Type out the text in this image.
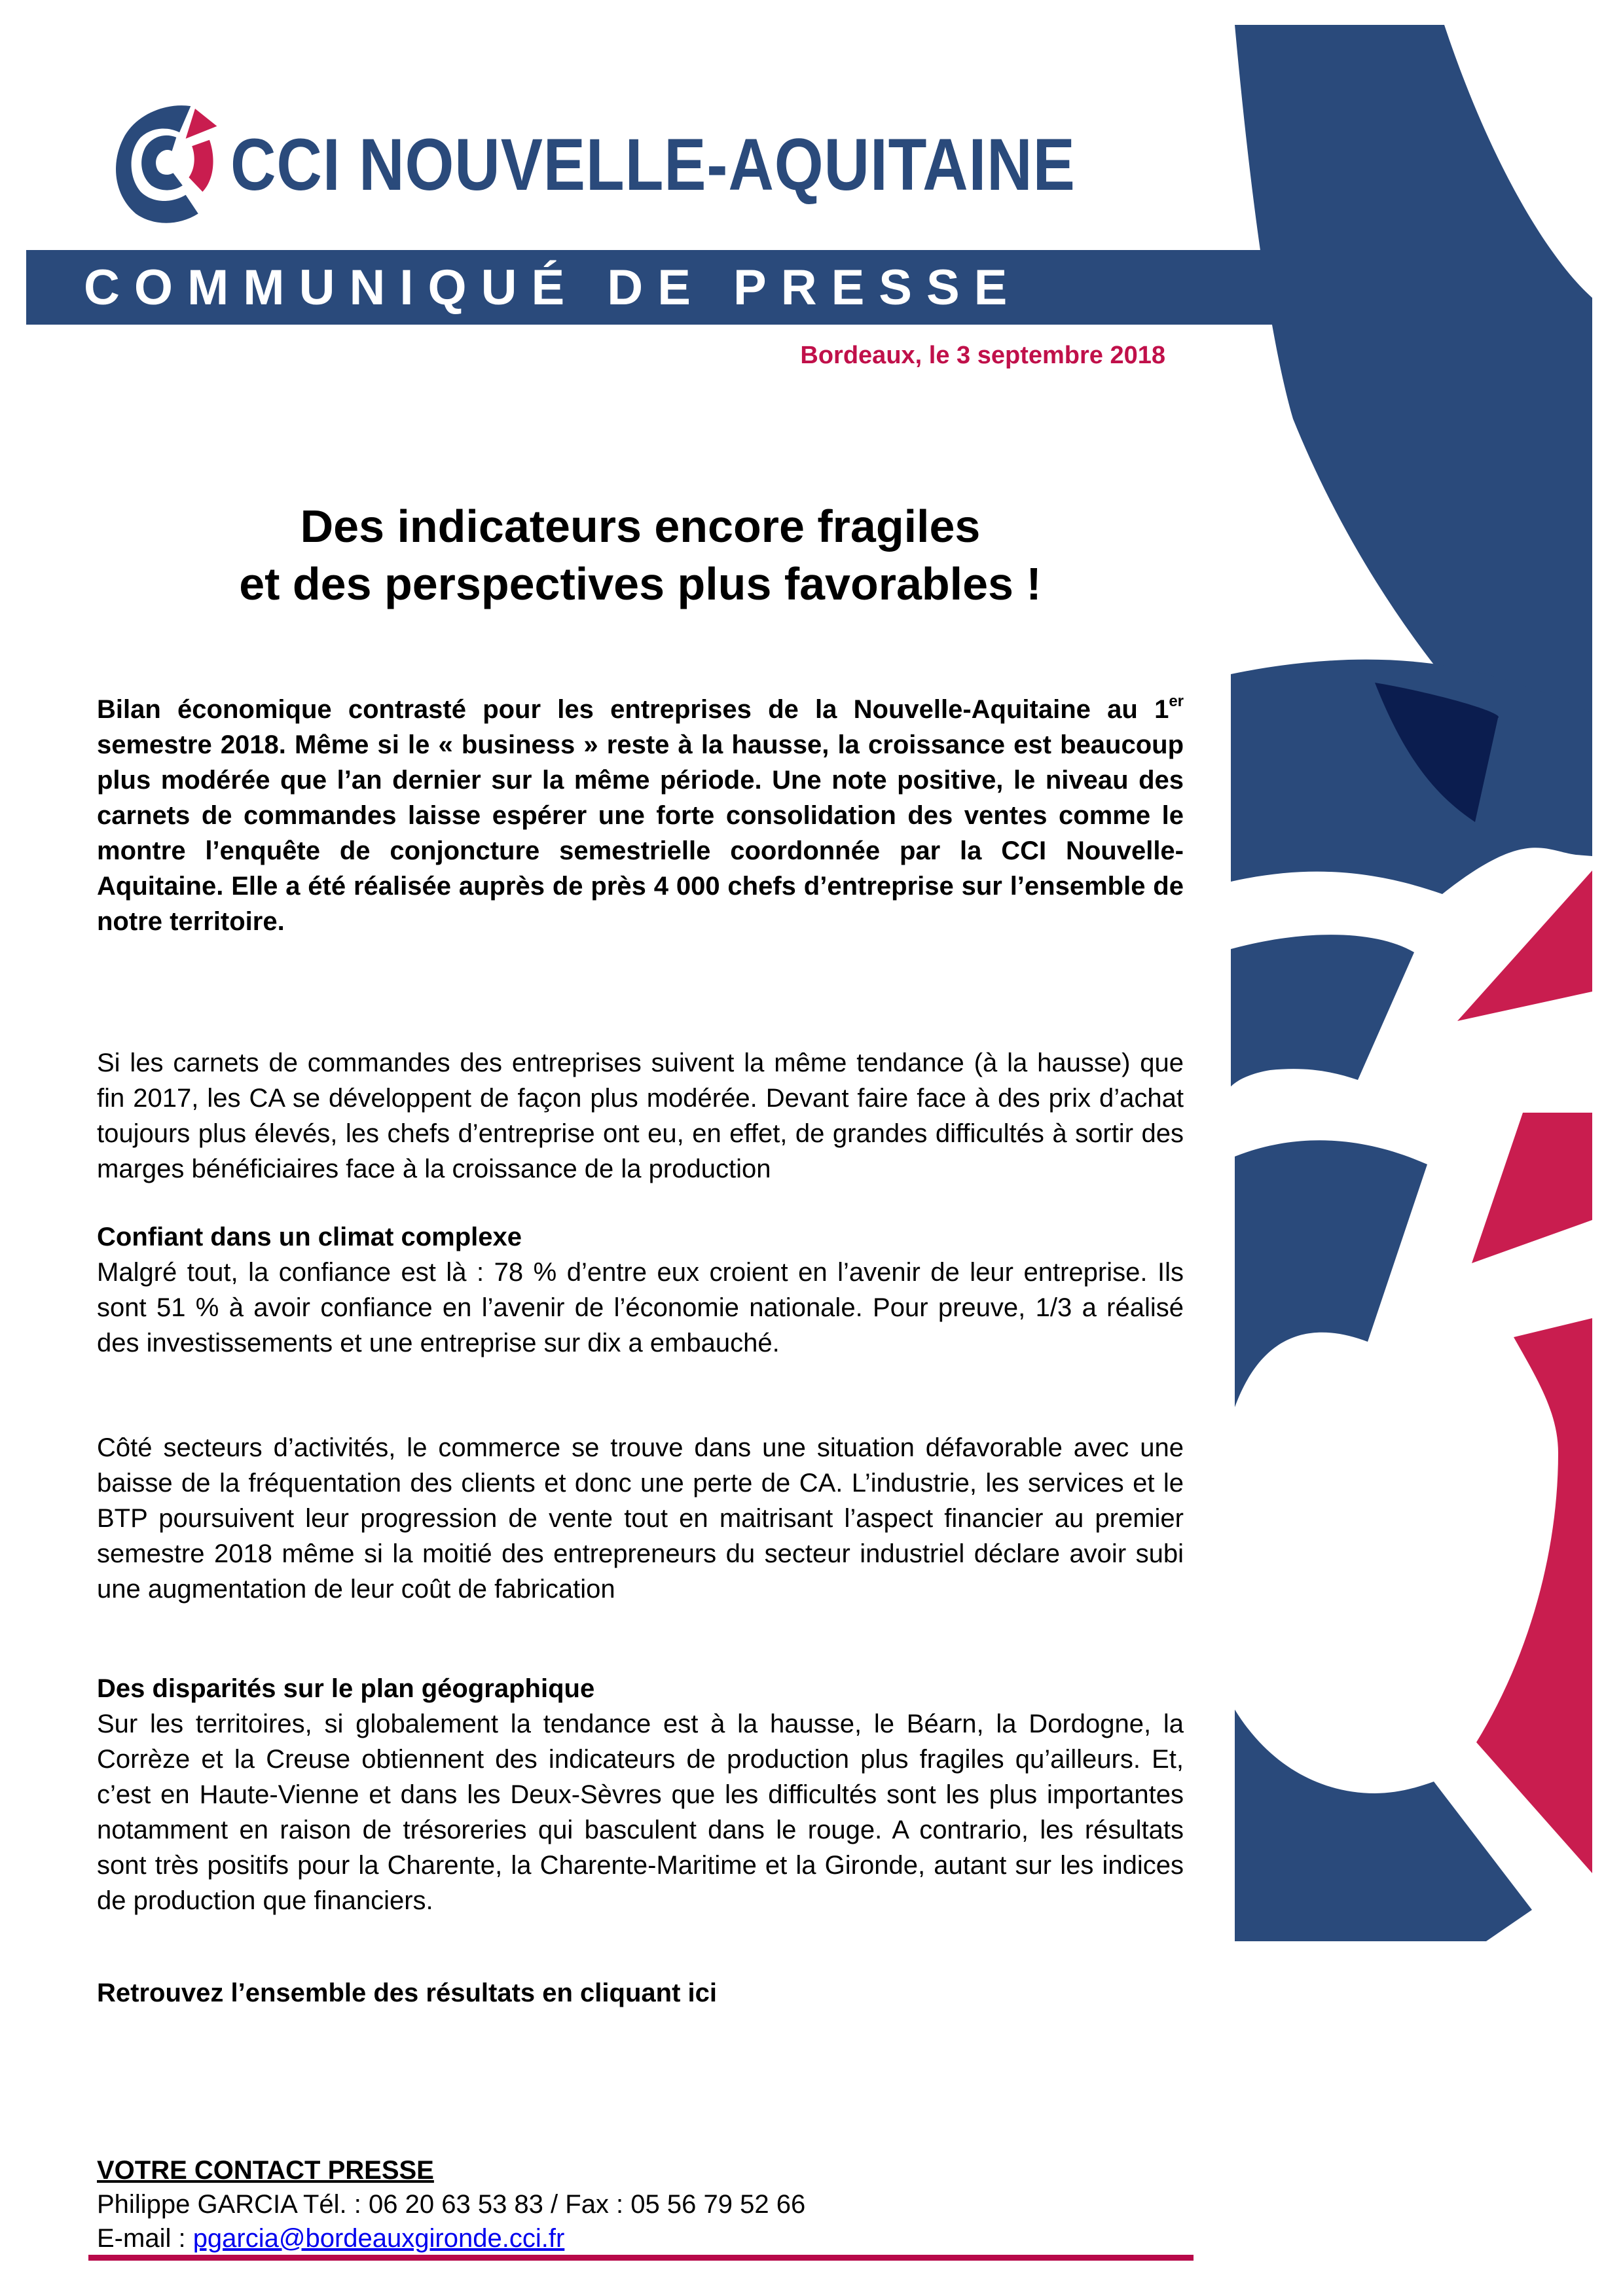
CCI NOUVELLE-AQUITAINE
COMMUNIQUÉ DE PRESSE
Bordeaux, le 3 septembre 2018
Des indicateurs encore fragiles
et des perspectives plus favorables !

Bilan économique contrasté pour les entreprises de la Nouvelle-Aquitaine au 1er semestre 2018. Même si le « business » reste à la hausse, la croissance est beaucoup plus modérée que l’an dernier sur la même période. Une note positive, le niveau des carnets de commandes laisse espérer une forte consolidation des ventes comme le montre l’enquête de conjoncture semestrielle coordonnée par la CCI Nouvelle-Aquitaine. Elle a été réalisée auprès de près 4 000 chefs d’entreprise sur l’ensemble de notre territoire.

Si les carnets de commandes des entreprises suivent la même tendance (à la hausse) que fin 2017, les CA se développent de façon plus modérée. Devant faire face à des prix d’achat toujours plus élevés, les chefs d’entreprise ont eu, en effet, de grandes difficultés à sortir des marges bénéficiaires face à la croissance de la production

Confiant dans un climat complexe

Malgré tout, la confiance est là : 78 % d’entre eux croient en l’avenir de leur entreprise. Ils sont 51 % à avoir confiance en l’avenir de l’économie nationale. Pour preuve, 1/3 a réalisé des investissements et une entreprise sur dix a embauché.

Côté secteurs d’activités, le commerce se trouve dans une situation défavorable avec une baisse de la fréquentation des clients et donc une perte de CA. L’industrie, les services et le BTP poursuivent leur progression de vente tout en maitrisant l’aspect financier au premier semestre 2018 même si la moitié des entrepreneurs du secteur industriel déclare avoir subi une augmentation de leur coût de fabrication

Des disparités sur le plan géographique

Sur les territoires, si globalement la tendance est à la hausse, le Béarn, la Dordogne, la Corrèze et la Creuse obtiennent des indicateurs de production plus fragiles qu’ailleurs. Et, c’est en Haute-Vienne et dans les Deux-Sèvres que les difficultés sont les plus importantes notamment en raison de trésoreries qui basculent dans le rouge. A contrario, les résultats sont très positifs pour la Charente, la Charente-Maritime et la Gironde, autant sur les indices de production que financiers.

Retrouvez l’ensemble des résultats en cliquant ici

VOTRE CONTACT PRESSE
Philippe GARCIA Tél. : 06 20 63 53 83 / Fax : 05 56 79 52 66
E-mail : pgarcia@bordeauxgironde.cci.fr
